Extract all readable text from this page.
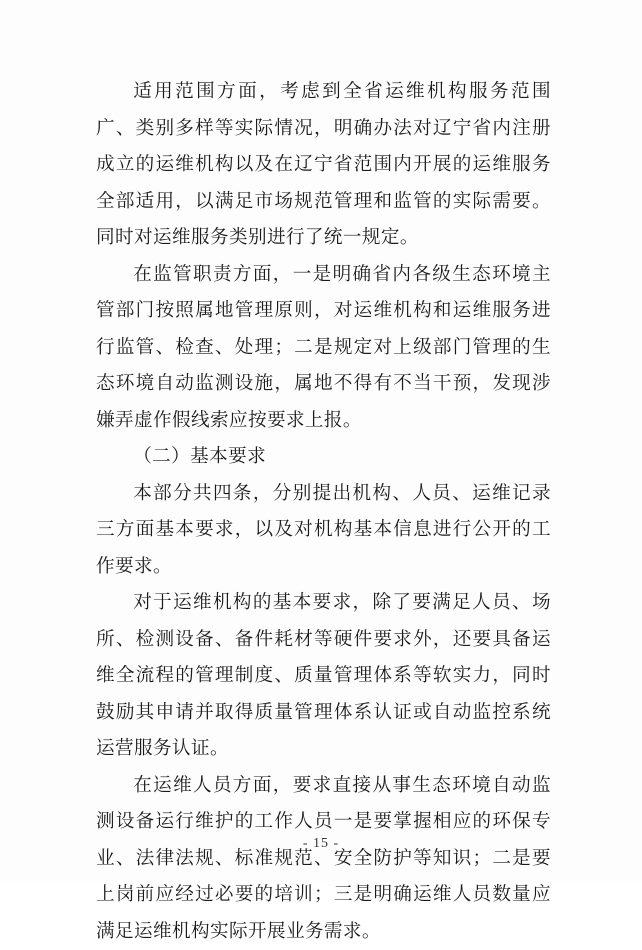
适用范围方面，考虑到全省运维机构服务范围广、类别多样等实际情况，明确办法对辽宁省内注册成立的运维机构以及在辽宁省范围内开展的运维服务全部适用，以满足市场规范管理和监管的实际需要。同时对运维服务类别进行了统一规定。

在监管职责方面，一是明确省内各级生态环境主管部门按照属地管理原则，对运维机构和运维服务进行监管、检查、处理；二是规定对上级部门管理的生态环境自动监测设施，属地不得有不当干预，发现涉嫌弄虚作假线索应按要求上报。

（二）基本要求

本部分共四条，分别提出机构、人员、运维记录三方面基本要求，以及对机构基本信息进行公开的工作要求。

对于运维机构的基本要求，除了要满足人员、场所、检测设备、备件耗材等硬件要求外，还要具备运维全流程的管理制度、质量管理体系等软实力，同时鼓励其申请并取得质量管理体系认证或自动监控系统运营服务认证。

在运维人员方面，要求直接从事生态环境自动监测设备运行维护的工作人员一是要掌握相应的环保专业、法律法规、标准规范、安全防护等知识；二是要上岗前应经过必要的培训；三是明确运维人员数量应满足运维机构实际开展业务需求。

- 15 -
